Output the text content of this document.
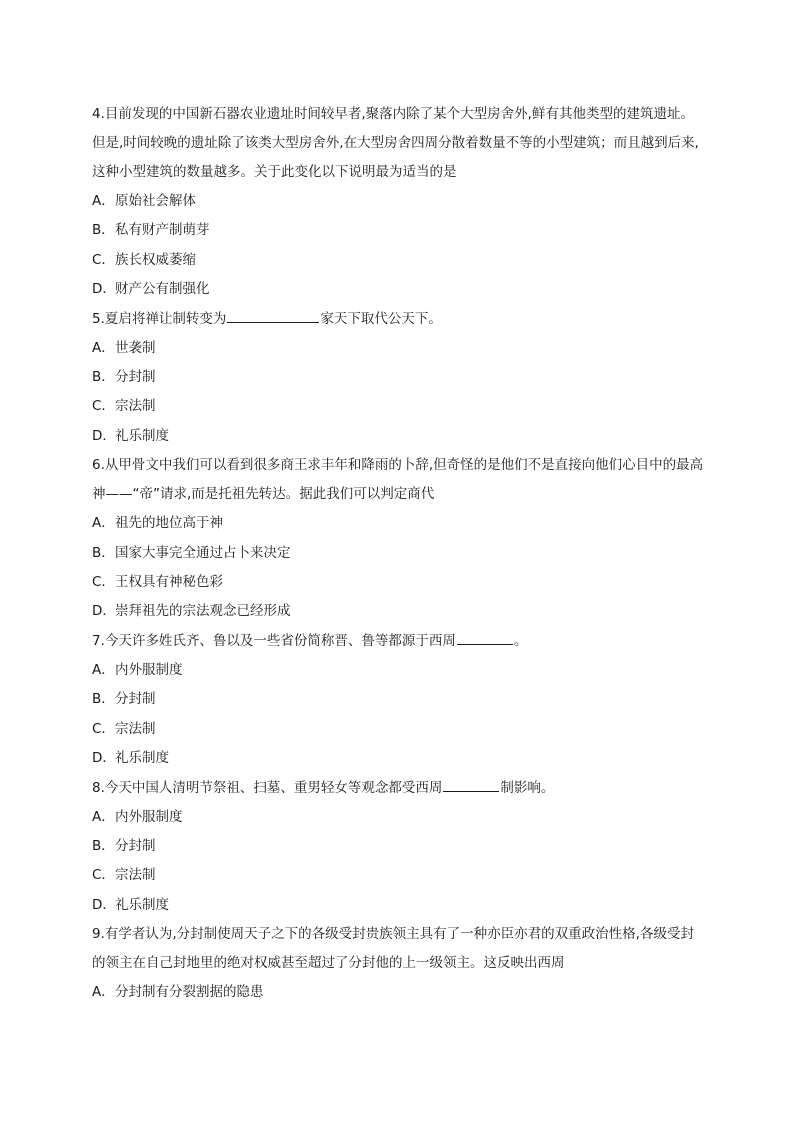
4.目前发现的中国新石器农业遗址时间较早者,聚落内除了某个大型房舍外,鲜有其他类型的建筑遗址。但是,时间较晚的遗址除了该类大型房舍外,在大型房舍四周分散着数量不等的小型建筑；而且越到后来,这种小型建筑的数量越多。关于此变化以下说明最为适当的是

A．原始社会解体

B．私有财产制萌芽

C．族长权威萎缩

D．财产公有制强化

5.夏启将禅让制转变为	家天下取代公天下。

A．世袭制

B．分封制

C．宗法制

D．礼乐制度

6.从甲骨文中我们可以看到很多商王求丰年和降雨的卜辞,但奇怪的是他们不是直接向他们心目中的最高神——“帝”请求,而是托祖先转达。据此我们可以判定商代

A．祖先的地位高于神

B．国家大事完全通过占卜来决定

C．王权具有神秘色彩

D．崇拜祖先的宗法观念已经形成

7.今天许多姓氏齐、鲁以及一些省份简称晋、鲁等都源于西周	。

A．内外服制度

B．分封制

C．宗法制

D．礼乐制度

8.今天中国人清明节祭祖、扫墓、重男轻女等观念都受西周	制影响。

A．内外服制度

B．分封制

C．宗法制

D．礼乐制度

9.有学者认为,分封制使周天子之下的各级受封贵族领主具有了一种亦臣亦君的双重政治性格,各级受封的领主在自己封地里的绝对权威甚至超过了分封他的上一级领主。这反映出西周

A．分封制有分裂割据的隐患
